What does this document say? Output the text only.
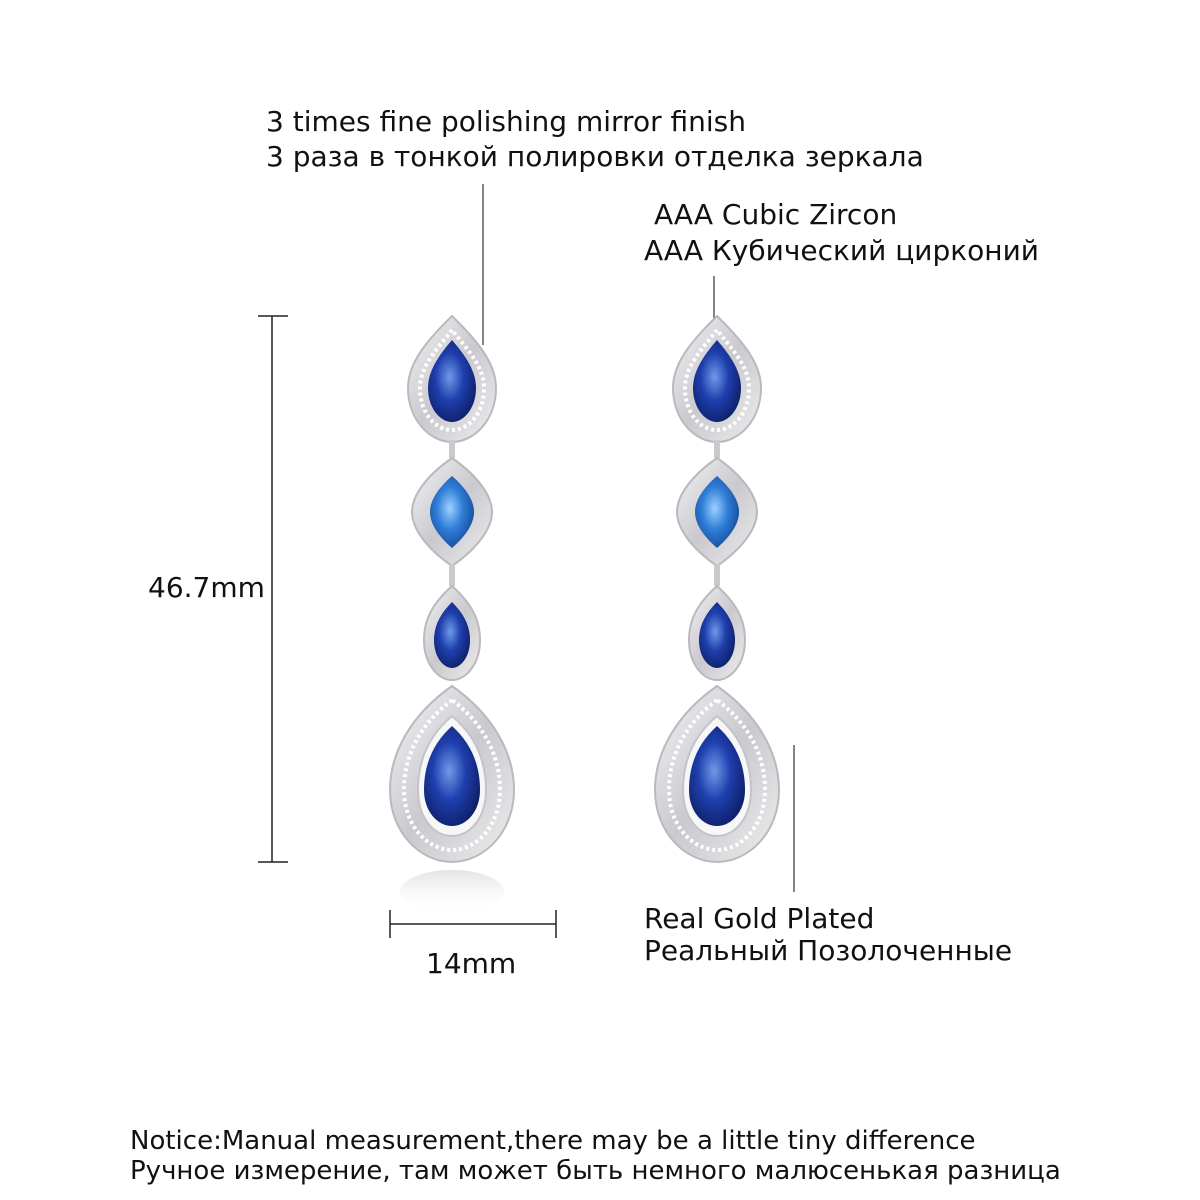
3 times fine polishing mirror finish
3 раза в тонкой полировки отделка зеркала
AAA Cubic Zircon
AAA Кубический цирконий
46.7mm
14mm
Real Gold Plated
Реальный Позолоченные
Notice:Manual measurement,there may be a little tiny difference
Ручное измерение, там может быть немного малюсенькая разница
